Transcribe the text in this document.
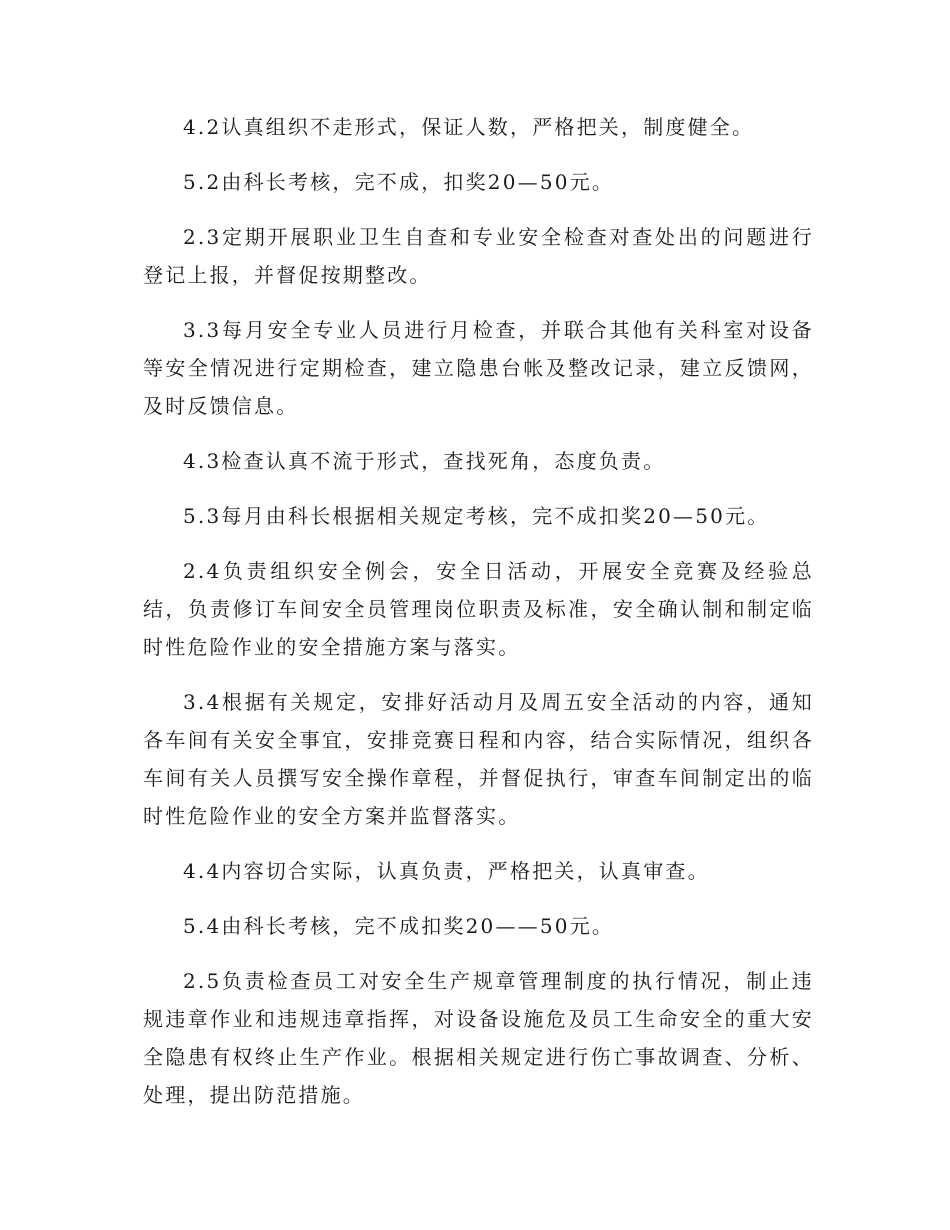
4.2认真组织不走形式，保证人数，严格把关，制度健全。

5.2由科长考核，完不成，扣奖20—50元。

2.3定期开展职业卫生自查和专业安全检查对查处出的问题进行登记上报，并督促按期整改。

3.3每月安全专业人员进行月检查，并联合其他有关科室对设备等安全情况进行定期检查，建立隐患台帐及整改记录，建立反馈网，及时反馈信息。

4.3检查认真不流于形式，查找死角，态度负责。

5.3每月由科长根据相关规定考核，完不成扣奖20—50元。

2.4负责组织安全例会，安全日活动，开展安全竞赛及经验总结，负责修订车间安全员管理岗位职责及标准，安全确认制和制定临时性危险作业的安全措施方案与落实。

3.4根据有关规定，安排好活动月及周五安全活动的内容，通知各车间有关安全事宜，安排竞赛日程和内容，结合实际情况，组织各车间有关人员撰写安全操作章程，并督促执行，审查车间制定出的临时性危险作业的安全方案并监督落实。

4.4内容切合实际，认真负责，严格把关，认真审查。

5.4由科长考核，完不成扣奖20——50元。

2.5负责检查员工对安全生产规章管理制度的执行情况，制止违规违章作业和违规违章指挥，对设备设施危及员工生命安全的重大安全隐患有权终止生产作业。根据相关规定进行伤亡事故调查、分析、处理，提出防范措施。
